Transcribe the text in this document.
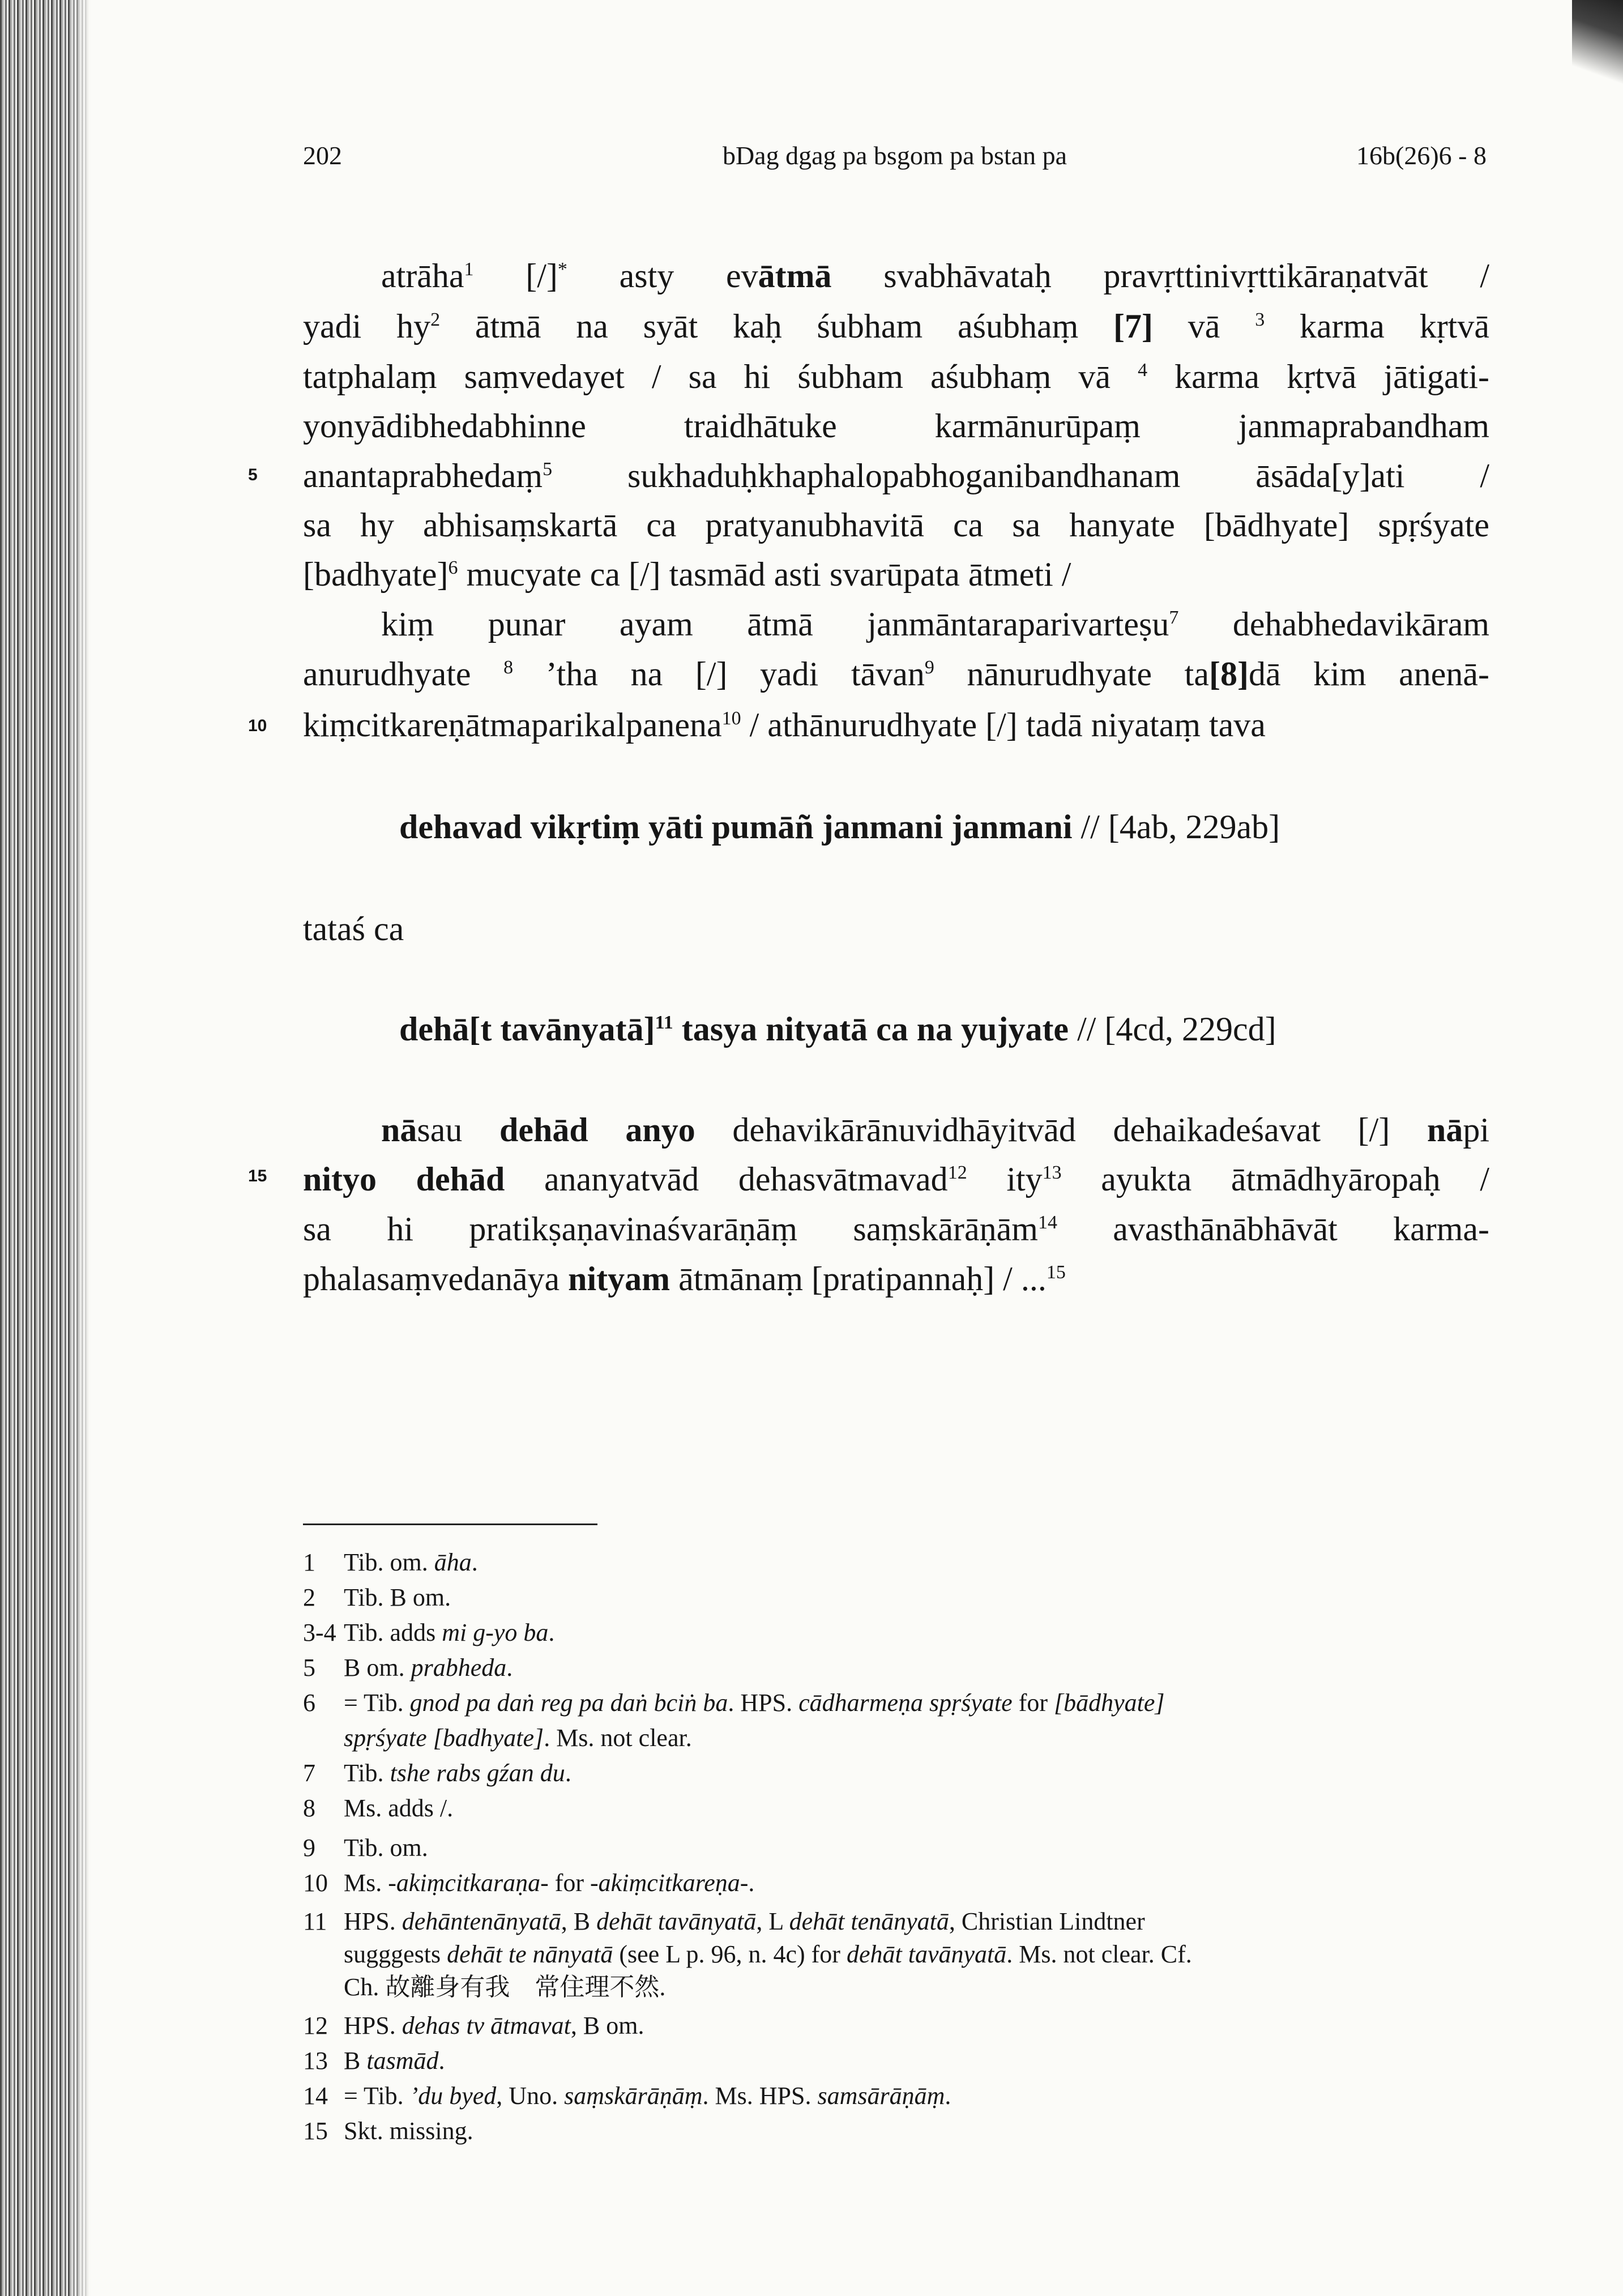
202	bDag dgag pa bsgom pa bstan pa	16b(26)6 - 8
5
10
15
atrāha$^1$ [/]* asty evātmā svabhāvataḥ pravṛttinivṛttikāraṇatvāt /
yadi $hy^2$ ātmā na syāt kaḥ śubham aśubhaṃ [7] vā $^3$ karma kṛtvā
tatphalaṃ saṃvedayet / sa hi śubham aśubhaṃ vā $^4$ karma kṛtvā jātigati-
yonyādibhedabhinne traidhātuke karmānurūpaṃ janmaprabandham
anantaprabhedaṃ$^5$ sukhaduḥkhaphalopabhoganibandhanam āsāda[y]ati /
sa hy abhisaṃskartā ca pratyanubhavitā ca sa hanyate [bādhyate] spṛśyate
[badhyate]$^6$ mucyate ca [/] tasmād asti svarūpata ātmeti /
kiṃ punar ayam ātmā janmāntaraparivarteṣu$^7$ dehabhedavikāram
anurudhyate $^8$ ’tha na [/] yadi tāvan$^9$ nānurudhyate ta[8]dā kim anenā-
kiṃcitkareṇātmaparikalpanena$^{10}$ / athānurudhyate [/] tadā niyataṃ tava
dehavad vikṛtiṃ yāti pumāñ janmani janmani // [4ab, 229ab]
tataś ca
dehā[t tavānyatā]$^{11}$ tasya nityatā ca na yujyate // [4cd, 229cd]
nāsau dehād anyo dehavikārānuvidhāyitvād dehaikadeśavat [/] nāpi
nityo dehād ananyatvād dehasvātmavad$^{12}$ ity$^{13}$ ayukta ātmādhyāropaḥ /
sa hi pratikṣaṇavinaśvarāṇāṃ saṃskārāṇām$^{14}$ avasthānābhāvāt karma-
phalasaṃvedanāya nityam ātmānaṃ [pratipannaḥ] / ...$^{15}$
1	Tib. om. āha.
2	Tib. B om.
3-4 Tib. adds mi g-yo ba.
5	B om. prabheda.
6	= Tib. gnod pa daṅ reg pa daṅ bciṅ ba. HPS. cādharmeṇa spṛśyate for [bādhyate]
spṛśyate [badhyate]. Ms. not clear.
7	Tib. tshe rabs gźan du.
8	Ms. adds /.
9	Tib. om.
10 Ms. -akiṃcitkaraṇa- for -akiṃcitkareṇa-.
11 HPS. dehāntenānyatā, B dehāt tavānyatā, L dehāt tenānyatā, Christian Lindtner
sugggests dehāt te nānyatā (see L p. 96, n. 4c) for dehāt tavānyatā. Ms. not clear. Cf.
Ch. 故離身有我　常住理不然.
12 HPS. dehas tv ātmavat, B om.
13 B tasmād.
14 = Tib. ’du byed, Uno. saṃskārāṇāṃ. Ms. HPS. samsārāṇāṃ.
15 Skt. missing.
